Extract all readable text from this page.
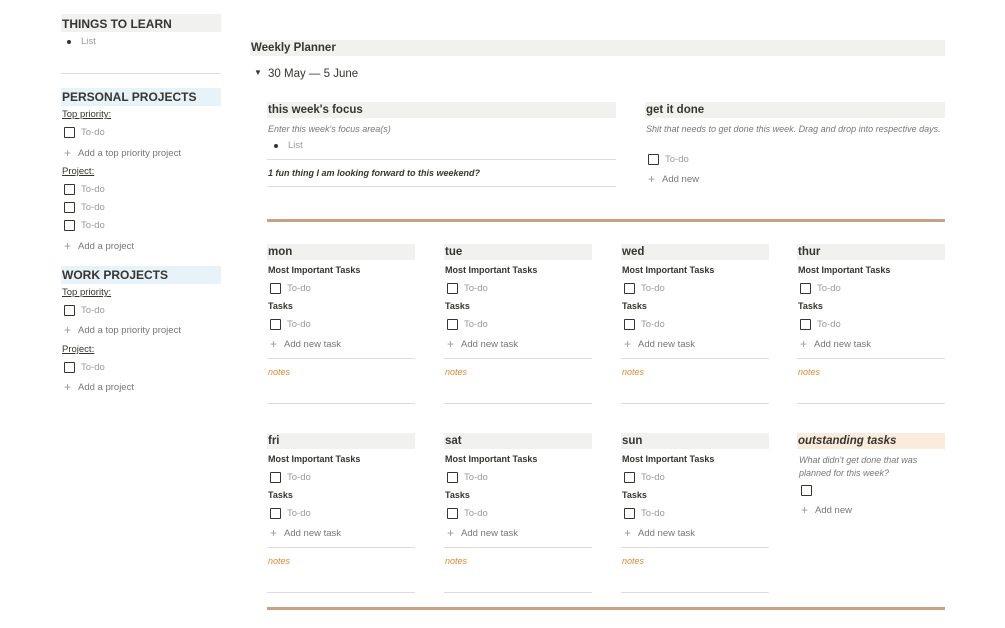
THINGS TO LEARN
List
PERSONAL PROJECTS
Top priority:
To-do
+ Add a top priority project
Project:
To-do
To-do
To-do
+ Add a project
WORK PROJECTS
Top priority:
To-do
+ Add a top priority project
Project:
To-do
+ Add a project
Weekly Planner
▼ 30 May — 5 June
this week's focus
Enter this week's focus area(s)
List
1 fun thing I am looking forward to this weekend?
get it done
Shit that needs to get done this week. Drag and drop into respective days.
To-do
+ Add new
mon
Most Important Tasks
To-do
Tasks
To-do
+ Add new task
notes
tue
Most Important Tasks
To-do
Tasks
To-do
+ Add new task
notes
wed
Most Important Tasks
To-do
Tasks
To-do
+ Add new task
notes
thur
Most Important Tasks
To-do
Tasks
To-do
+ Add new task
notes
fri
Most Important Tasks
To-do
Tasks
To-do
+ Add new task
notes
sat
Most Important Tasks
To-do
Tasks
To-do
+ Add new task
notes
sun
Most Important Tasks
To-do
Tasks
To-do
+ Add new task
notes
outstanding tasks
What didn't get done that was planned for this week?
+ Add new
